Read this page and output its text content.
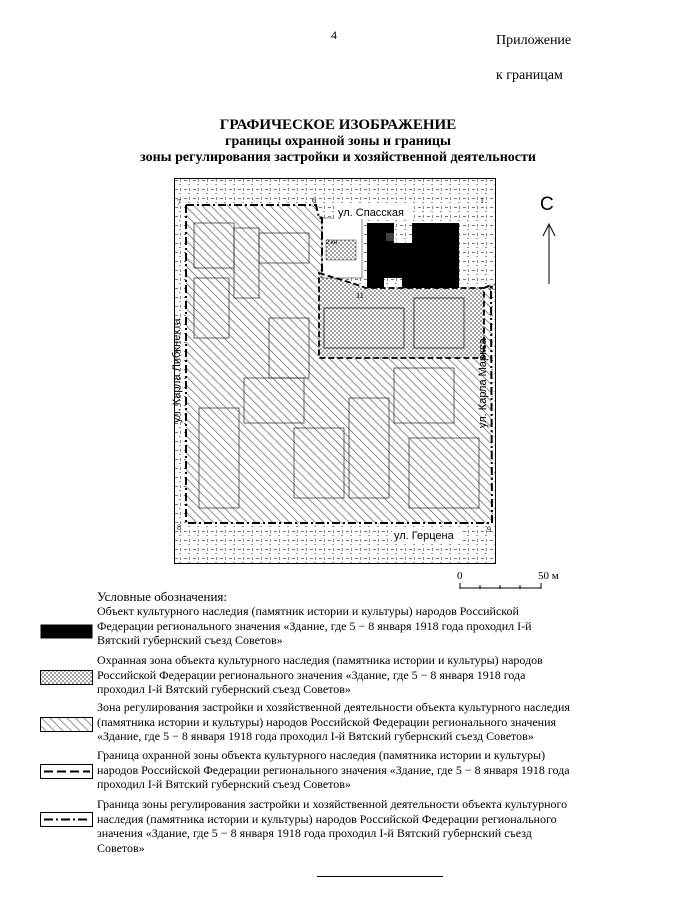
4	Приложение
к границам
ГРАФИЧЕСКОЕ ИЗОБРАЖЕНИЕ
границы охранной зоны и границы
зоны регулирования застройки и хозяйственной деятельности
ул. Спасская
ул. Герцена
ул. Карла Либкнехта	ул. Карла Маркса
2 кн
7	6	1
10
9
8
11
С
0	50 м
Условные обозначения:
Объект культурного наследия (памятник истории и культуры) народов Российской
Федерации регионального значения «Здание, где 5 − 8 января 1918 года проходил I-й
Вятский губернский съезд Советов»
Охранная зона объекта культурного наследия (памятника истории и культуры) народов
Российской Федерации регионального значения «Здание, где 5 − 8 января 1918 года
проходил I-й Вятский губернский съезд Советов»
Зона регулирования застройки и хозяйственной деятельности объекта культурного наследия
(памятника истории и культуры) народов Российской Федерации регионального значения
«Здание, где 5 − 8 января 1918 года проходил I-й Вятский губернский съезд Советов»
Граница охранной зоны объекта культурного наследия (памятника истории и культуры)
народов Российской Федерации регионального значения «Здание, где 5 − 8 января 1918 года
проходил I-й Вятский губернский съезд Советов»
Граница зоны регулирования застройки и хозяйственной деятельности объекта культурного
наследия (памятника истории и культуры) народов Российской Федерации регионального
значения «Здание, где 5 − 8 января 1918 года проходил I-й Вятский губернский съезд
Советов»
